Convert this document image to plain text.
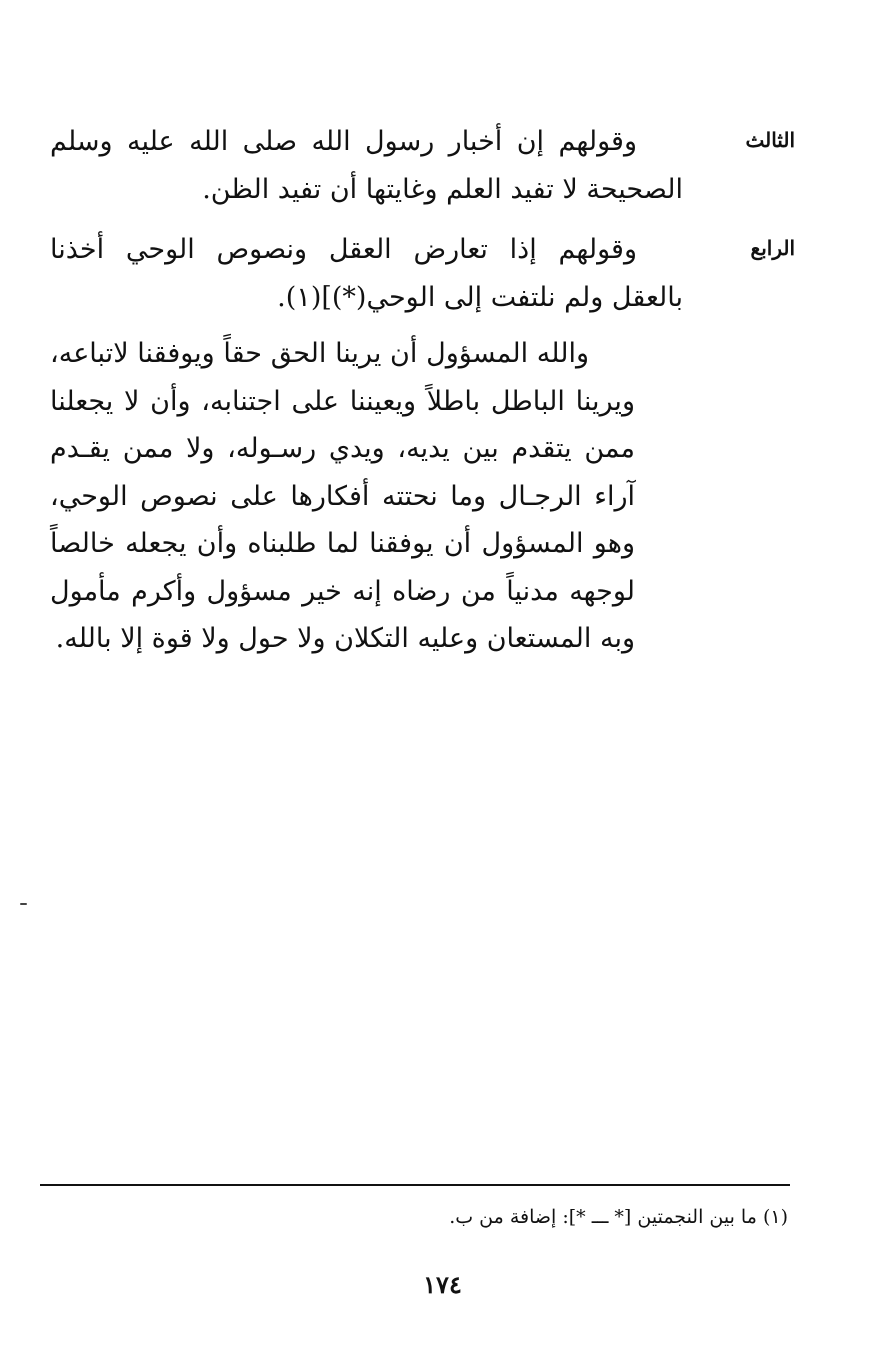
الثالث
وقولهم إن أخبار رسول الله صلى الله عليه وسلم الصحيحة لا تفيد العلم وغايتها أن تفيد الظن.
الرابع
وقولهم إذا تعارض العقل ونصوص الوحي أخذنا بالعقل ولم نلتفت إلى الوحي(*)](١).
والله المسؤول أن يرينا الحق حقاً ويوفقنا لاتباعه، ويرينا الباطل باطلاً ويعيننا على اجتنابه، وأن لا يجعلنا ممن يتقدم بين يديه، ويدي رسـوله، ولا ممن يقـدم آراء الرجـال وما نحتته أفكارها على نصوص الوحي، وهو المسؤول أن يوفقنا لما طلبناه وأن يجعله خالصاً لوجهه مدنياً من رضاه إنه خير مسؤول وأكرم مأمول وبه المستعان وعليه التكلان ولا حول ولا قوة إلا بالله.
(١) ما بين النجمتين [* ـــ *]: إضافة من ب.
١٧٤
